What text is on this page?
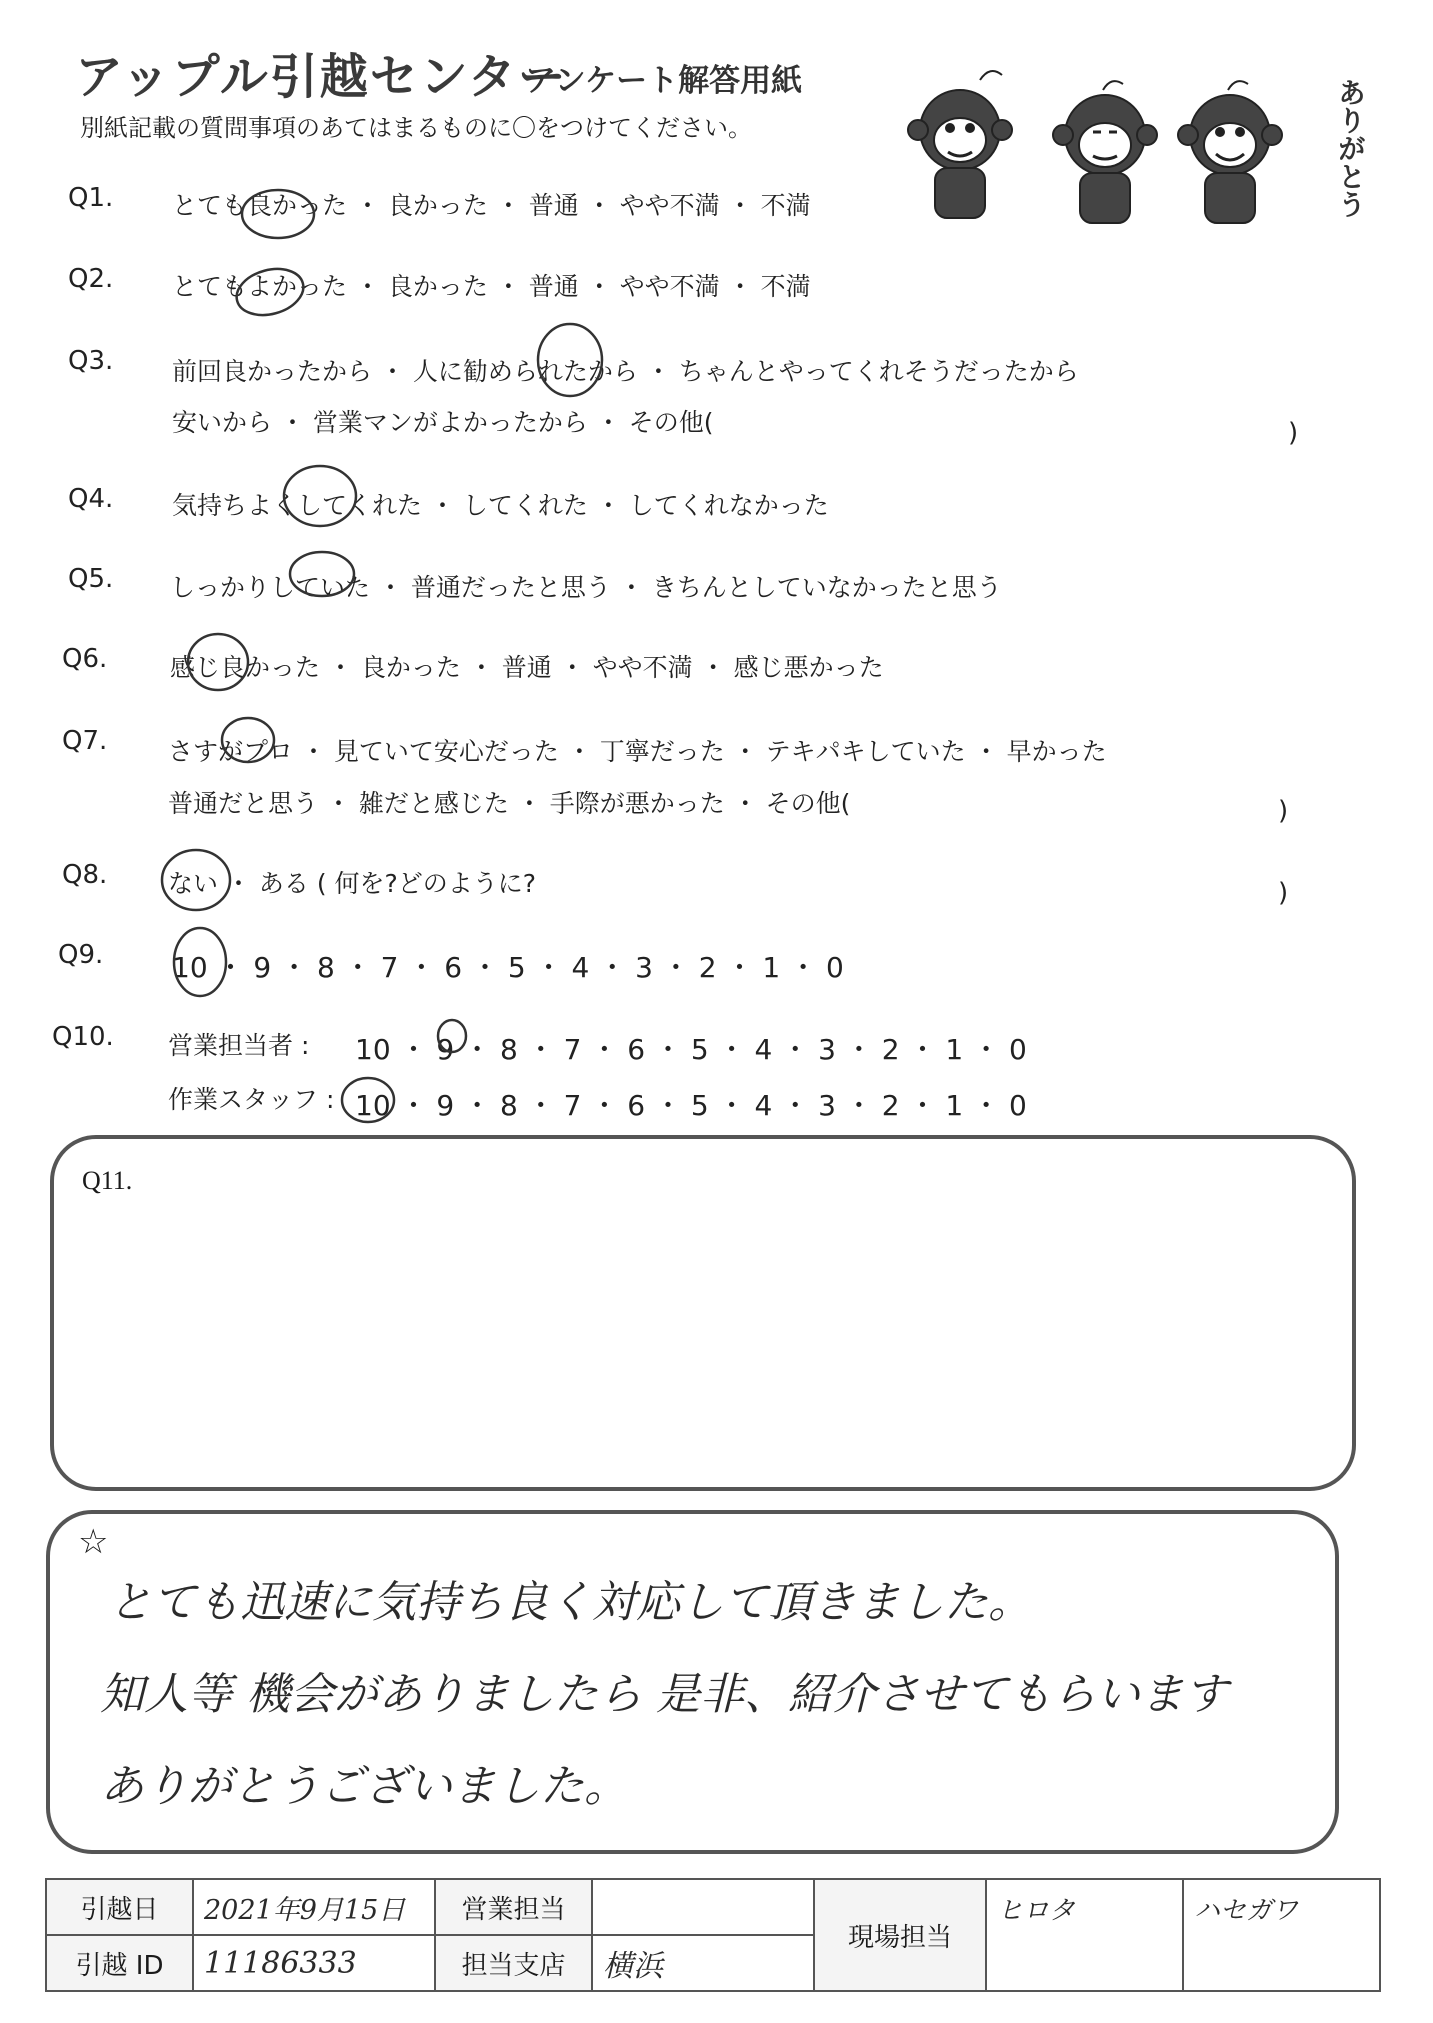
アップル引越センター
アンケート解答用紙
別紙記載の質問事項のあてはまるものに〇をつけてください。	ありがとう
Q1. とても良かった ・ 良かった ・ 普通 ・ やや不満 ・ 不満
Q2. とてもよかった ・ 良かった ・ 普通 ・ やや不満 ・ 不満
Q3. 前回良かったから ・ 人に勧められたから ・ ちゃんとやってくれそうだったから
安いから ・ 営業マンがよかったから ・ その他(	)
Q4. 気持ちよくしてくれた ・ してくれた ・ してくれなかった
Q5. しっかりしていた ・ 普通だったと思う ・ きちんとしていなかったと思う
Q6.	感じ良かった ・ 良かった ・ 普通 ・ やや不満 ・ 感じ悪かった
Q7. さすがプロ ・ 見ていて安心だった ・ 丁寧だった ・ テキパキしていた ・ 早かった
普通だと思う ・ 雑だと感じた ・ 手際が悪かった ・ その他(	)
Q8. ない ・ ある ( 何を?どのように?	)
Q9. 10 ・ 9 ・ 8 ・ 7 ・ 6 ・ 5 ・ 4 ・ 3 ・ 2 ・ 1 ・ 0
Q10. 営業担当者 : 10 ・ 9 ・ 8 ・ 7 ・ 6 ・ 5 ・ 4 ・ 3 ・ 2 ・ 1 ・ 0
作業スタッフ : 10 ・ 9 ・ 8 ・ 7 ・ 6 ・ 5 ・ 4 ・ 3 ・ 2 ・ 1 ・ 0
Q11.
☆
とても迅速に気持ち良く対応して頂きました。
知人等 機会がありましたら 是非、紹介させてもらいます
ありがとうございました。
引越日	2021年9月15日	営業担当		現場担当	ヒロタ	ハセガワ
引越 ID	11186333	担当支店	横浜			
